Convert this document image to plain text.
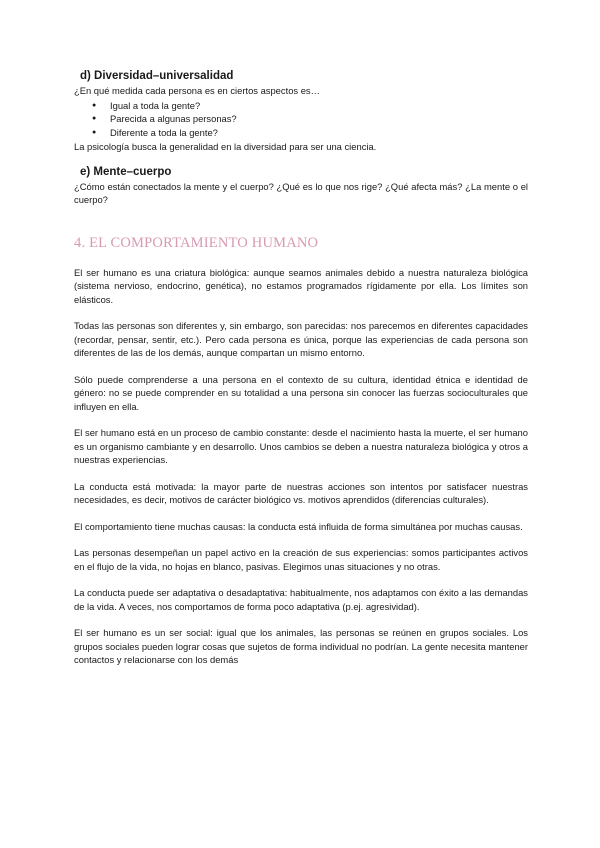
d) Diversidad–universalidad

¿En qué medida cada persona es en ciertos aspectos es…

● Igual a toda la gente?
● Parecida a algunas personas?
● Diferente a toda la gente?

La psicología busca la generalidad en la diversidad para ser una ciencia.

e) Mente–cuerpo

¿Cómo están conectados la mente y el cuerpo? ¿Qué es lo que nos rige? ¿Qué afecta más? ¿La mente o el cuerpo?

4. EL COMPORTAMIENTO HUMANO

El ser humano es una criatura biológica: aunque seamos animales debido a nuestra naturaleza biológica (sistema nervioso, endocrino, genética), no estamos programados rígidamente por ella. Los límites son elásticos.

Todas las personas son diferentes y, sin embargo, son parecidas: nos parecemos en diferentes capacidades (recordar, pensar, sentir, etc.). Pero cada persona es única, porque las experiencias de cada persona son diferentes de las de los demás, aunque compartan un mismo entorno.

Sólo puede comprenderse a una persona en el contexto de su cultura, identidad étnica e identidad de género: no se puede comprender en su totalidad a una persona sin conocer las fuerzas socioculturales que influyen en ella.

El ser humano está en un proceso de cambio constante: desde el nacimiento hasta la muerte, el ser humano es un organismo cambiante y en desarrollo. Unos cambios se deben a nuestra naturaleza biológica y otros a nuestras experiencias.

La conducta está motivada: la mayor parte de nuestras acciones son intentos por satisfacer nuestras necesidades, es decir, motivos de carácter biológico vs. motivos aprendidos (diferencias culturales).

El comportamiento tiene muchas causas: la conducta está influida de forma simultánea por muchas causas.

Las personas desempeñan un papel activo en la creación de sus experiencias: somos participantes activos en el flujo de la vida, no hojas en blanco, pasivas. Elegimos unas situaciones y no otras.

La conducta puede ser adaptativa o desadaptativa: habitualmente, nos adaptamos con éxito a las demandas de la vida. A veces, nos comportamos de forma poco adaptativa (p.ej. agresividad).

El ser humano es un ser social: igual que los animales, las personas se reúnen en grupos sociales. Los grupos sociales pueden lograr cosas que sujetos de forma individual no podrían. La gente necesita mantener contactos y relacionarse con los demás
